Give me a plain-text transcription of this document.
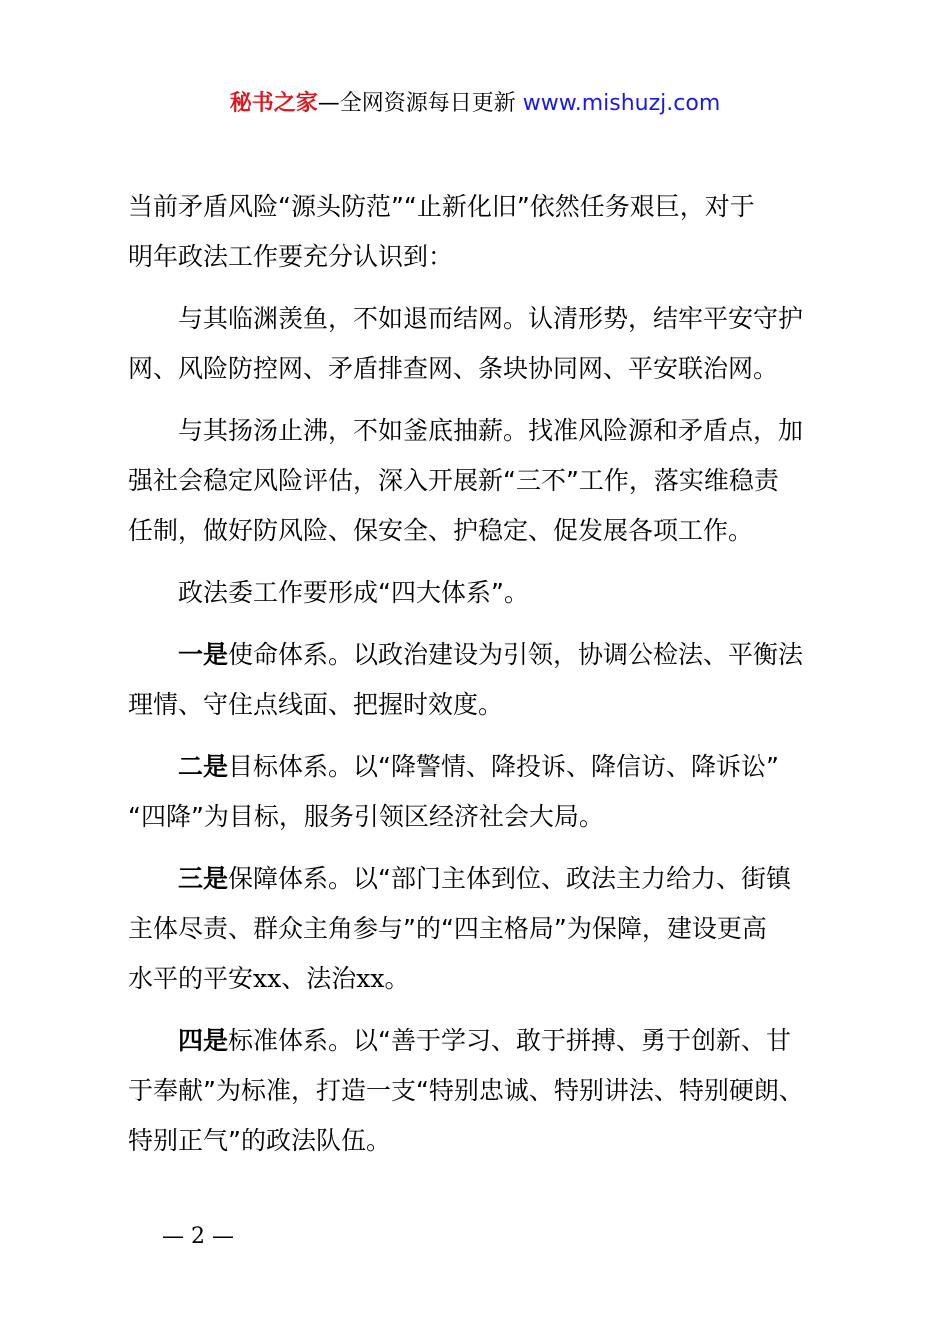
秘书之家—全网资源每日更新 www.mishuzj.com
当前矛盾风险“源头防范”“止新化旧”依然任务艰巨，对于
明年政法工作要充分认识到：
与其临渊羡鱼，不如退而结网。认清形势，结牢平安守护
网、风险防控网、矛盾排查网、条块协同网、平安联治网。
与其扬汤止沸，不如釜底抽薪。找准风险源和矛盾点，加
强社会稳定风险评估，深入开展新“三不”工作，落实维稳责
任制，做好防风险、保安全、护稳定、促发展各项工作。
政法委工作要形成“四大体系”。
一是使命体系。以政治建设为引领，协调公检法、平衡法
理情、守住点线面、把握时效度。
二是目标体系。以“降警情、降投诉、降信访、降诉讼”
“四降”为目标，服务引领区经济社会大局。
三是保障体系。以“部门主体到位、政法主力给力、街镇
主体尽责、群众主角参与”的“四主格局”为保障，建设更高
水平的平安xx、法治xx。
四是标准体系。以“善于学习、敢于拼搏、勇于创新、甘
于奉献”为标准，打造一支“特别忠诚、特别讲法、特别硬朗、
特别正气”的政法队伍。
— 2 —
